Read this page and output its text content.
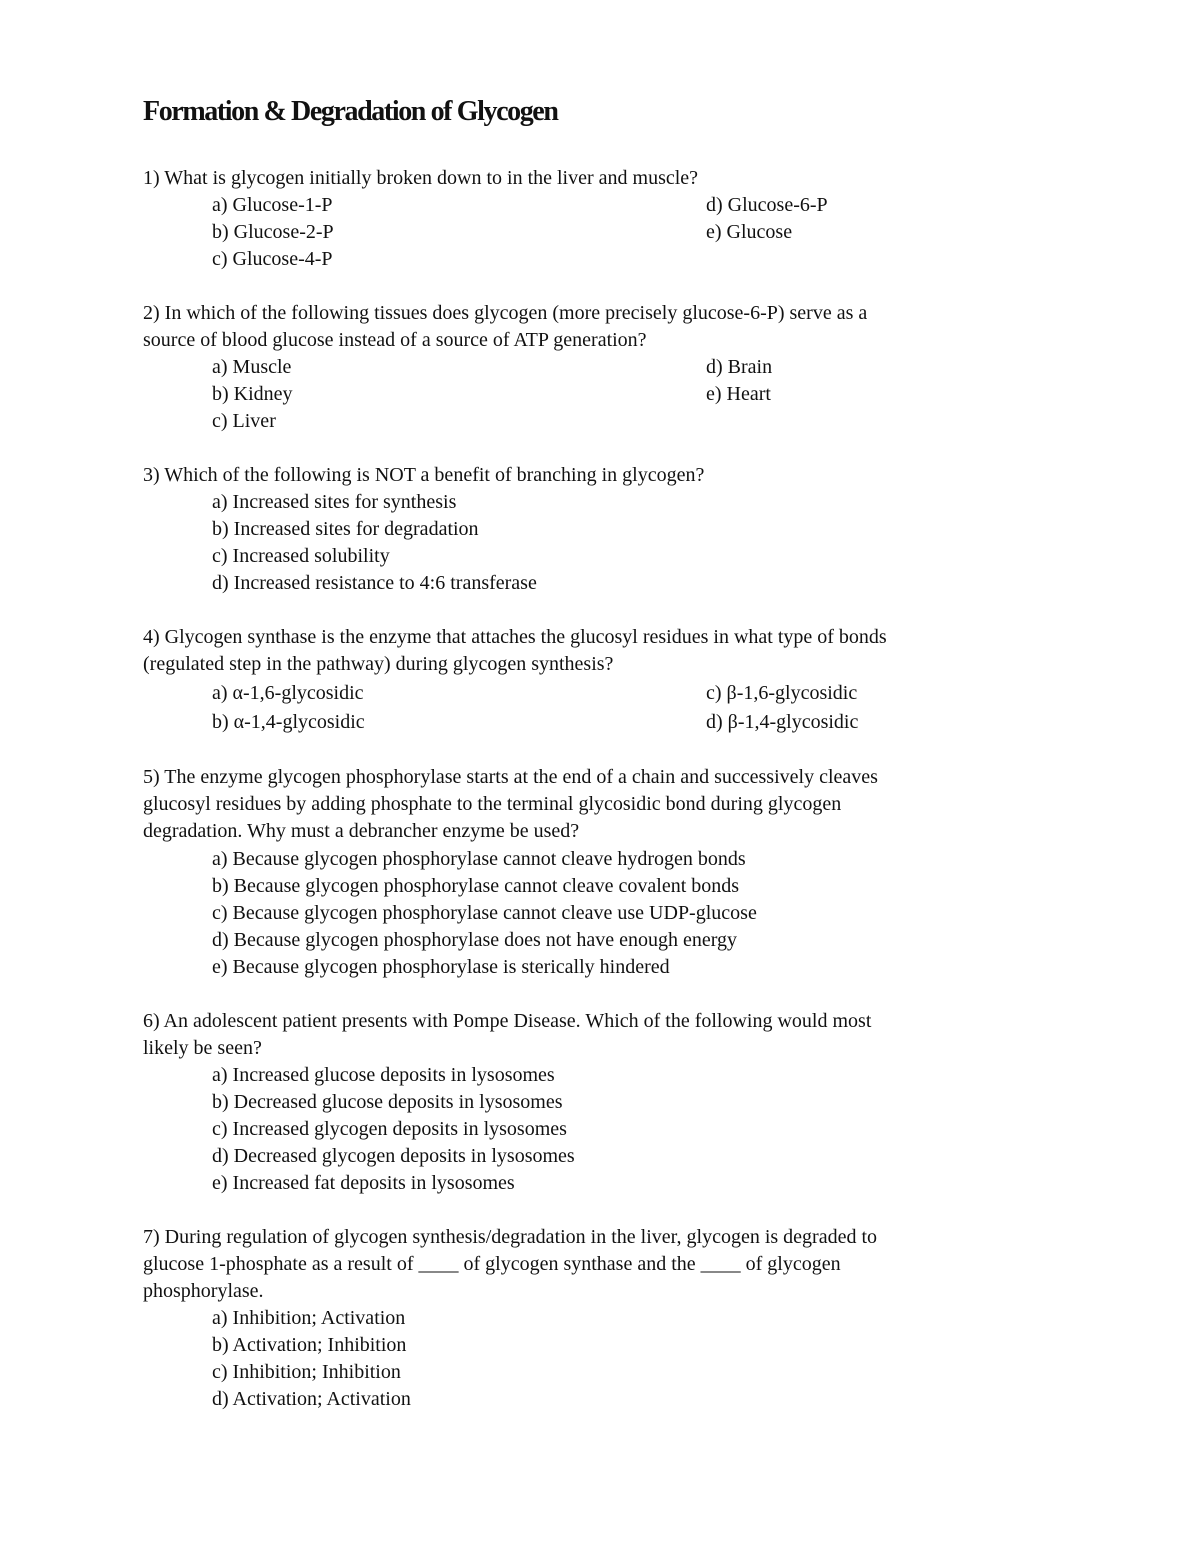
Formation & Degradation of Glycogen
1) What is glycogen initially broken down to in the liver and muscle?
a) Glucose-1-P	d) Glucose-6-P
b) Glucose-2-P	e) Glucose
c) Glucose-4-P
2) In which of the following tissues does glycogen (more precisely glucose-6-P) serve as a
source of blood glucose instead of a source of ATP generation?
a) Muscle	d) Brain
b) Kidney	e) Heart
c) Liver
3) Which of the following is NOT a benefit of branching in glycogen?
a) Increased sites for synthesis
b) Increased sites for degradation
c) Increased solubility
d) Increased resistance to 4:6 transferase
4) Glycogen synthase is the enzyme that attaches the glucosyl residues in what type of bonds
(regulated step in the pathway) during glycogen synthesis?
a) α-1,6-glycosidic	c) β-1,6-glycosidic
b) α-1,4-glycosidic	d) β-1,4-glycosidic
5) The enzyme glycogen phosphorylase starts at the end of a chain and successively cleaves
glucosyl residues by adding phosphate to the terminal glycosidic bond during glycogen
degradation. Why must a debrancher enzyme be used?
a) Because glycogen phosphorylase cannot cleave hydrogen bonds
b) Because glycogen phosphorylase cannot cleave covalent bonds
c) Because glycogen phosphorylase cannot cleave use UDP-glucose
d) Because glycogen phosphorylase does not have enough energy
e) Because glycogen phosphorylase is sterically hindered
6) An adolescent patient presents with Pompe Disease. Which of the following would most
likely be seen?
a) Increased glucose deposits in lysosomes
b) Decreased glucose deposits in lysosomes
c) Increased glycogen deposits in lysosomes
d) Decreased glycogen deposits in lysosomes
e) Increased fat deposits in lysosomes
7) During regulation of glycogen synthesis/degradation in the liver, glycogen is degraded to
glucose 1-phosphate as a result of ____ of glycogen synthase and the ____ of glycogen
phosphorylase.
a) Inhibition; Activation
b) Activation; Inhibition
c) Inhibition; Inhibition
d) Activation; Activation
